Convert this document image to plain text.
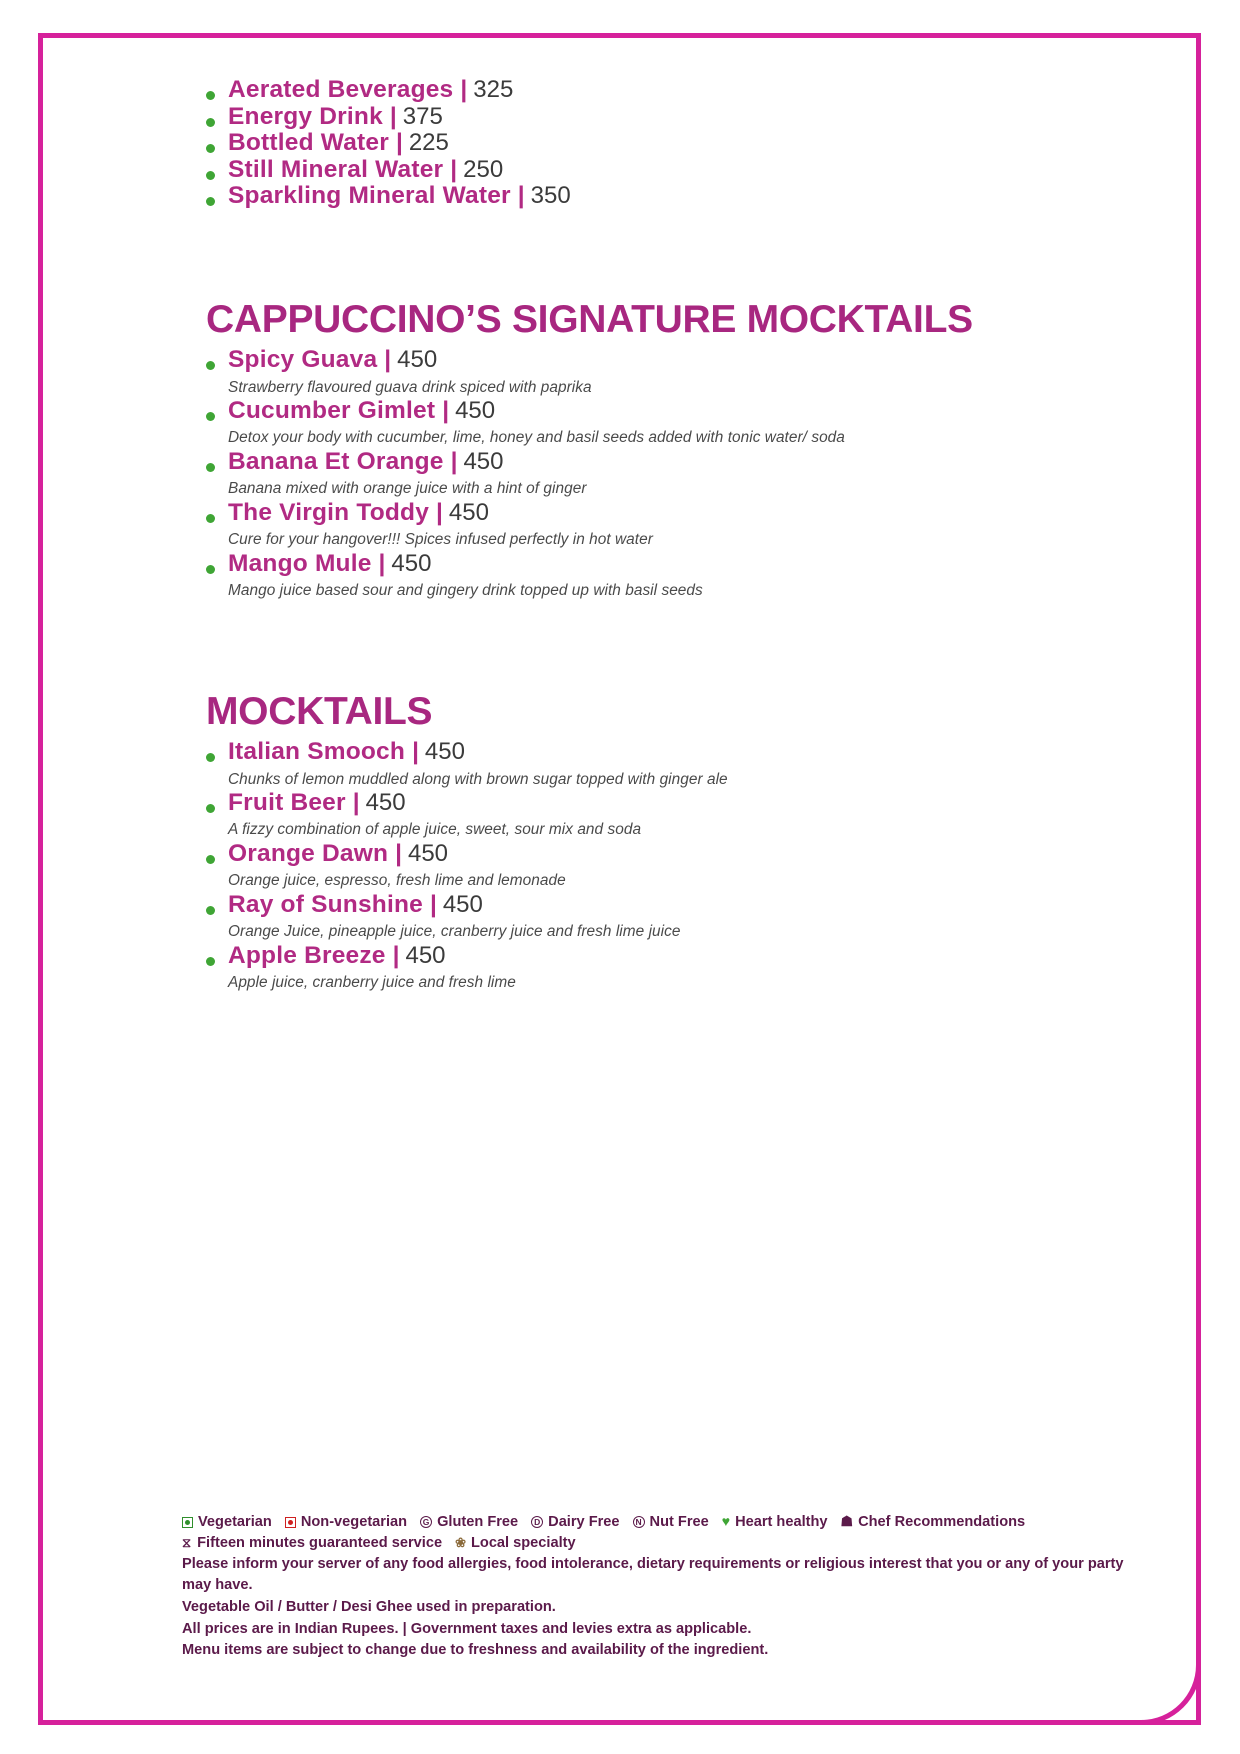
Aerated Beverages | 325
Energy Drink | 375
Bottled Water | 225
Still Mineral Water | 250
Sparkling Mineral Water | 350
CAPPUCCINO’S SIGNATURE MOCKTAILS
Spicy Guava | 450
Strawberry flavoured guava drink spiced with paprika
Cucumber Gimlet | 450
Detox your body with cucumber, lime, honey and basil seeds added with tonic water/ soda
Banana Et Orange | 450
Banana mixed with orange juice with a hint of ginger
The Virgin Toddy | 450
Cure for your hangover!!! Spices infused perfectly in hot water
Mango Mule | 450
Mango juice based sour and gingery drink topped up with basil seeds
MOCKTAILS
Italian Smooch | 450
Chunks of lemon muddled along with brown sugar topped with ginger ale
Fruit Beer | 450
A fizzy combination of apple juice, sweet, sour mix and soda
Orange Dawn | 450
Orange juice, espresso, fresh lime and lemonade
Ray of Sunshine | 450
Orange Juice, pineapple juice, cranberry juice and fresh lime juice
Apple Breeze | 450
Apple juice, cranberry juice and fresh lime
Vegetarian Non-vegetarian	G Gluten Free	D Dairy Free	N Nut Free ♥ Heart healthy ☗ Chef Recommendations
⧖ Fifteen minutes guaranteed service ❀ Local specialty
Please inform your server of any food allergies, food intolerance, dietary requirements or religious interest that you or any of your party may have.
Vegetable Oil / Butter / Desi Ghee used in preparation.
All prices are in Indian Rupees. | Government taxes and levies extra as applicable.
Menu items are subject to change due to freshness and availability of the ingredient.
